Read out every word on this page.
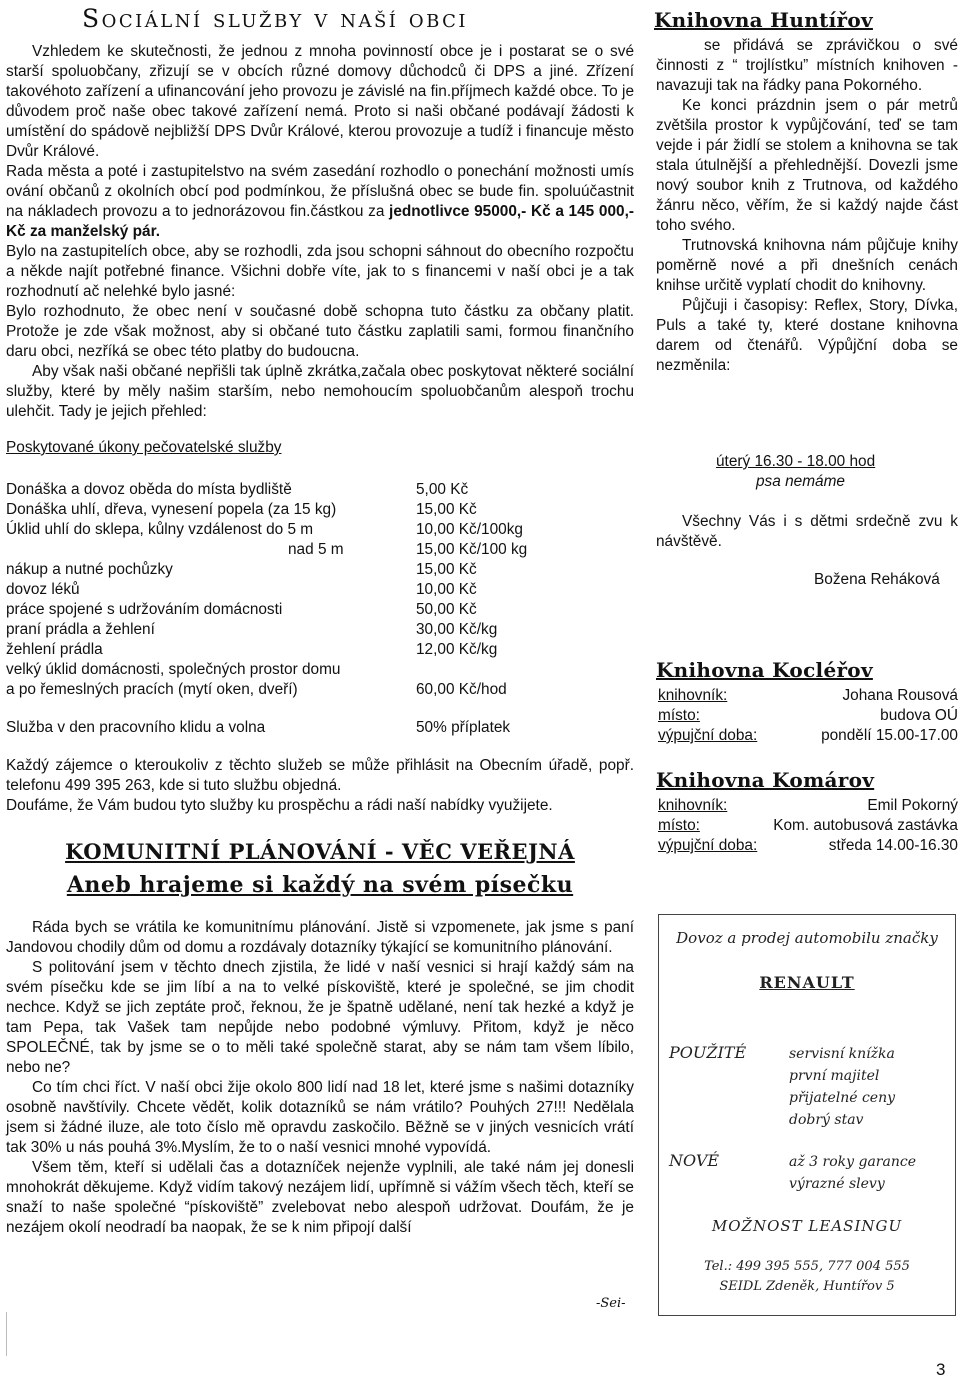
Sociální služby v naší obci

Vzhledem ke skutečnosti, že jednou z mnoha povinností obce je i postarat se o své starší spoluobčany, zřizují se v obcích různé domovy důchodců či DPS a jiné. Zřízení takovéhoto zařízení a ufinancování jeho provozu je závislé na fin.příjmech každé obce. To je důvodem proč naše obec takové zařízení nemá. Proto si naši občané podávají žádosti k umístění do spádově nejbližší DPS Dvůr Králové, kterou provozuje a tudíž i financuje město Dvůr Králové.

Rada města a poté i zastupitelstvo na svém zasedání rozhodlo o ponechání možnosti umís ování občanů z okolních obcí pod podmínkou, že příslušná obec se bude fin. spoluúčastnit na nákladech provozu a to jednorázovou fin.částkou za jednotlivce 95000,- Kč a 145 000,- Kč za manželský pár.

Bylo na zastupitelích obce, aby se rozhodli, zda jsou schopni sáhnout do obecního rozpočtu a někde najít potřebné finance. Všichni dobře víte, jak to s financemi v naší obci je a tak rozhodnutí ač nelehké bylo jasné:

Bylo rozhodnuto, že obec není v současné době schopna tuto částku za občany platit. Protože je zde však možnost, aby si občané tuto částku zaplatili sami, formou finančního daru obci, nezříká se obec této platby do budoucna.

Aby však naši občané nepřišli tak úplně zkrátka,začala obec poskytovat některé sociální služby, které by měly našim starším, nebo nemohoucím spoluobčanům alespoň trochu ulehčit. Tady je jejich přehled:

Poskytované úkony pečovatelské služby
Donáška a dovoz oběda do místa bydliště	5,00 Kč
Donáška uhlí, dřeva, vynesení popela (za 15 kg)	15,00 Kč
Úklid uhlí do sklepa, kůlny vzdálenost do 5 m	10,00 Kč/100kg
nad 5 m	15,00 Kč/100 kg
nákup a nutné pochůzky	15,00 Kč
dovoz léků	10,00 Kč
práce spojené s udržováním domácnosti	50,00 Kč
praní prádla a žehlení	30,00 Kč/kg
žehlení prádla	12,00 Kč/kg
velký úklid domácnosti, společných prostor domu
a po řemeslných pracích (mytí oken, dveří)	60,00 Kč/hod
Služba v den pracovního klidu a volna	50% příplatek

Každý zájemce o kteroukoliv z těchto služeb se může přihlásit na Obecním úřadě, popř. telefonu 499 395 263, kde si tuto službu objedná.

Doufáme, že Vám budou tyto služby ku prospěchu a rádi naší nabídky využijete.

KOMUNITNÍ PLÁNOVÁNÍ - VĚC VEŘEJNÁ
Aneb hrajeme si každý na svém písečku

Ráda bych se vrátila ke komunitnímu plánování. Jistě si vzpomenete, jak jsme s paní Jandovou chodily dům od domu a rozdávaly dotazníky týkající se komunitního plánování.

S politování jsem v těchto dnech zjistila, že lidé v naší vesnici si hrají každý sám na svém písečku kde se jim líbí a na to velké pískoviště, které je společné, se jim chodit nechce. Když se jich zeptáte proč, řeknou, že je špatně udělané, není tak hezké a když je tam Pepa, tak Vašek tam nepůjde nebo podobné výmluvy. Přitom, když je něco SPOLEČNÉ, tak by jsme se o to měli také společně starat, aby se nám tam všem líbilo, nebo ne?

Co tím chci říct. V naší obci žije okolo 800 lidí nad 18 let, které jsme s našimi dotazníky osobně navštívily. Chcete vědět, kolik dotazníků se nám vrátilo? Pouhých 27!!! Nedělala jsem si žádné iluze, ale toto číslo mě opravdu zaskočilo. Běžně se v jiných vesnicích vrátí tak 30% u nás pouhá 3%.Myslím, že to o naší vesnici mnohé vypovídá.

Všem těm, kteří si udělali čas a dotazníček nejenže vyplnili, ale také nám jej donesli mnohokrát děkujeme. Když vidím takový nezájem lidí, upřímně si vážím všech těch, kteří se snaží to naše společné “pískoviště” zvelebovat nebo alespoň udržovat. Doufám, že je nezájem okolí neodradí ba naopak, že se k nim připojí další

-Sei-
Knihovna Huntířov

se přidává se zprávičkou o své činnosti z “ trojlístku” místních knihoven -navazuji tak na řádky pana Pokorného.

Ke konci prázdnin jsem o pár metrů zvětšila prostor k vypůjčování, teď se tam vejde i pár židlí se stolem a knihovna se tak stala útulnější a přehlednější. Dovezli jsme nový soubor knih z Trutnova, od každého žánru něco, věřím, že si každý najde část toho svého.

Trutnovská knihovna nám půjčuje knihy poměrně nové a při dnešních cenách knihse určitě vyplatí chodit do knihovny.

Půjčuji i časopisy: Reflex, Story, Dívka, Puls a také ty, které dostane knihovna darem od čtenářů. Výpůjční doba se nezměnila:

úterý 16.30 - 18.00 hod
psa nemáme

Všechny Vás i s dětmi srdečně zvu k návštěvě.

Božena Reháková
Knihovna Kocléřov
knihovník:	Johana Rousová
místo:	budova OÚ
výpujční doba:	pondělí 15.00-17.00
Knihovna Komárov
knihovník:	Emil Pokorný
místo:	Kom. autobusová zastávka
výpujční doba:	středa 14.00-16.30
Dovoz a prodej automobilu značky
RENAULT
POUŽITÉ	servisní knížka
první majitel
přijatelné ceny
dobrý stav
NOVÉ	až 3 roky garance
výrazné slevy
MOŽNOST LEASINGU
Tel.: 499 395 555, 777 004 555
SEIDL Zdeněk, Huntířov 5
3
